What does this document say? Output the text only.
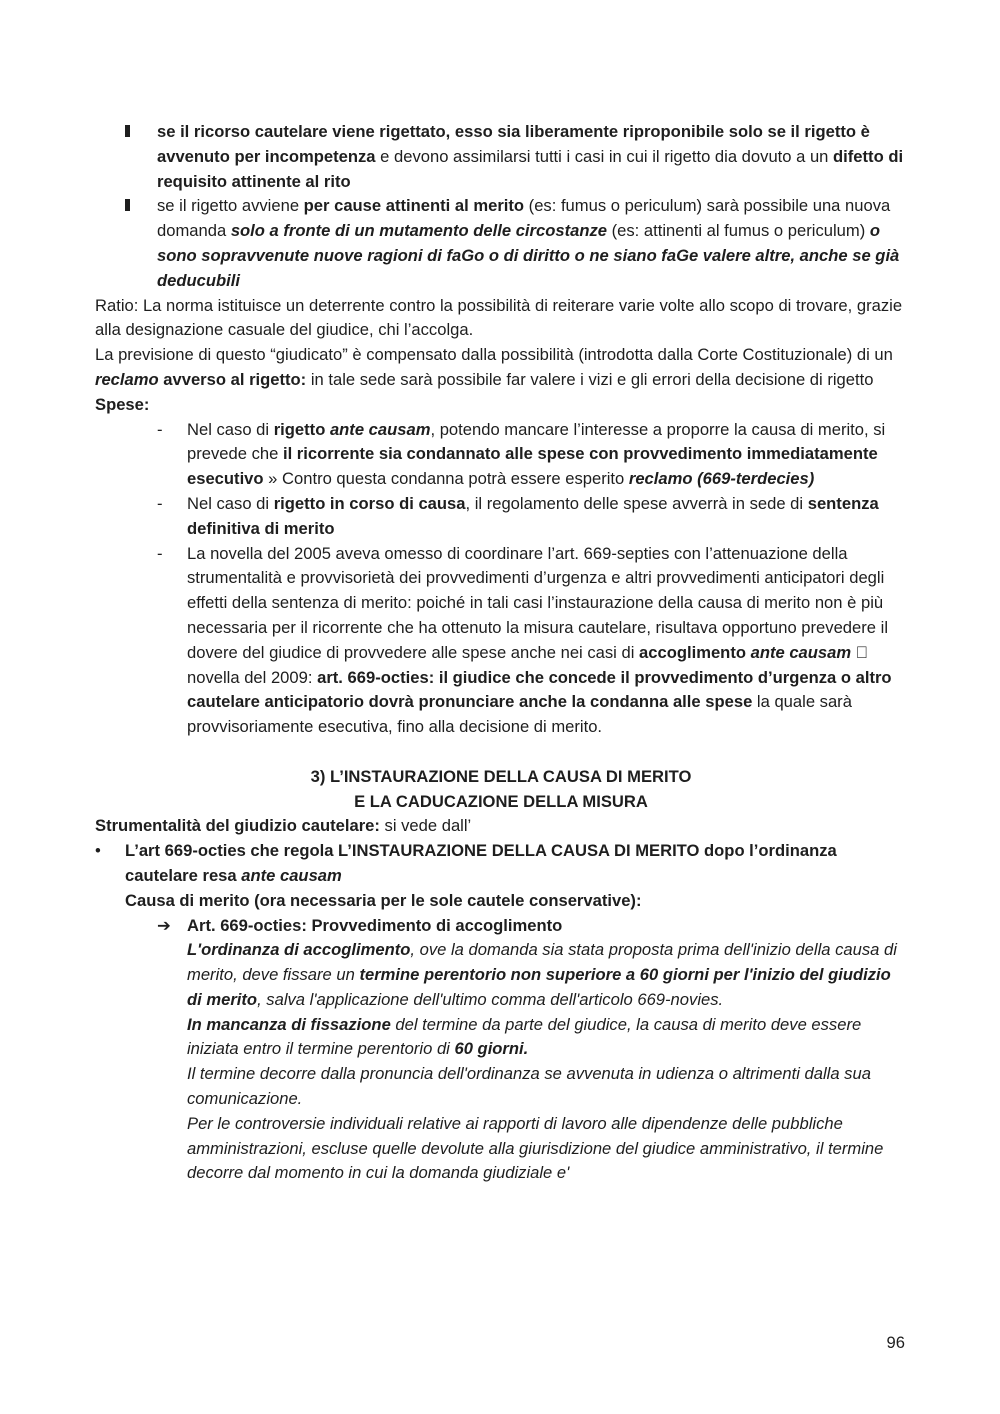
se il ricorso cautelare viene rigettato, esso sia liberamente riproponibile solo se il rigetto è avvenuto per incompetenza e devono assimilarsi tutti i casi in cui il rigetto dia dovuto a un difetto di requisito attinente al rito
se il rigetto avviene per cause attinenti al merito (es: fumus o periculum) sarà possibile una nuova domanda solo a fronte di un mutamento delle circostanze (es: attinenti al fumus o periculum) o sono sopravvenute nuove ragioni di faGo o di diritto o ne siano faGe valere altre, anche se già deducubili
Ratio: La norma istituisce un deterrente contro la possibilità di reiterare varie volte allo scopo di trovare, grazie alla designazione casuale del giudice, chi l’accolga.
La previsione di questo “giudicato” è compensato dalla possibilità (introdotta dalla Corte Costituzionale) di un reclamo avverso al rigetto: in tale sede sarà possibile far valere i vizi e gli errori della decisione di rigetto
Spese:
- Nel caso di rigetto ante causam, potendo mancare l’interesse a proporre la causa di merito, si prevede che il ricorrente sia condannato alle spese con provvedimento immediatamente esecutivo » Contro questa condanna potrà essere esperito reclamo (669-terdecies)
- Nel caso di rigetto in corso di causa, il regolamento delle spese avverrà in sede di sentenza definitiva di merito
- La novella del 2005 aveva omesso di coordinare l’art. 669-septies con l’attenuazione della strumentalità e provvisorietà dei provvedimenti d’urgenza e altri provvedimenti anticipatori degli effetti della sentenza di merito: poiché in tali casi l’instaurazione della causa di merito non è più necessaria per il ricorrente che ha ottenuto la misura cautelare, risultava opportuno prevedere il dovere del giudice di provvedere alle spese anche nei casi di accoglimento ante causam novella del 2009: art. 669-octies: il giudice che concede il provvedimento d’urgenza o altro cautelare anticipatorio dovrà pronunciare anche la condanna alle spese la quale sarà provvisoriamente esecutiva, fino alla decisione di merito.
3) L’INSTAURAZIONE DELLA CAUSA DI MERITO
E LA CADUCAZIONE DELLA MISURA
Strumentalità del giudizio cautelare: si vede dall’
• L’art 669-octies che regola L’INSTAURAZIONE DELLA CAUSA DI MERITO dopo l’ordinanza cautelare resa ante causam
Causa di merito (ora necessaria per le sole cautele conservative):
➔ Art. 669-octies: Provvedimento di accoglimento
L'ordinanza di accoglimento, ove la domanda sia stata proposta prima dell'inizio della causa di merito, deve fissare un termine perentorio non superiore a 60 giorni per l'inizio del giudizio di merito, salva l'applicazione dell'ultimo comma dell'articolo 669-novies.
In mancanza di fissazione del termine da parte del giudice, la causa di merito deve essere iniziata entro il termine perentorio di 60 giorni.
Il termine decorre dalla pronuncia dell'ordinanza se avvenuta in udienza o altrimenti dalla sua comunicazione.
Per le controversie individuali relative ai rapporti di lavoro alle dipendenze delle pubbliche amministrazioni, escluse quelle devolute alla giurisdizione del giudice amministrativo, il termine decorre dal momento in cui la domanda giudiziale e'
96
